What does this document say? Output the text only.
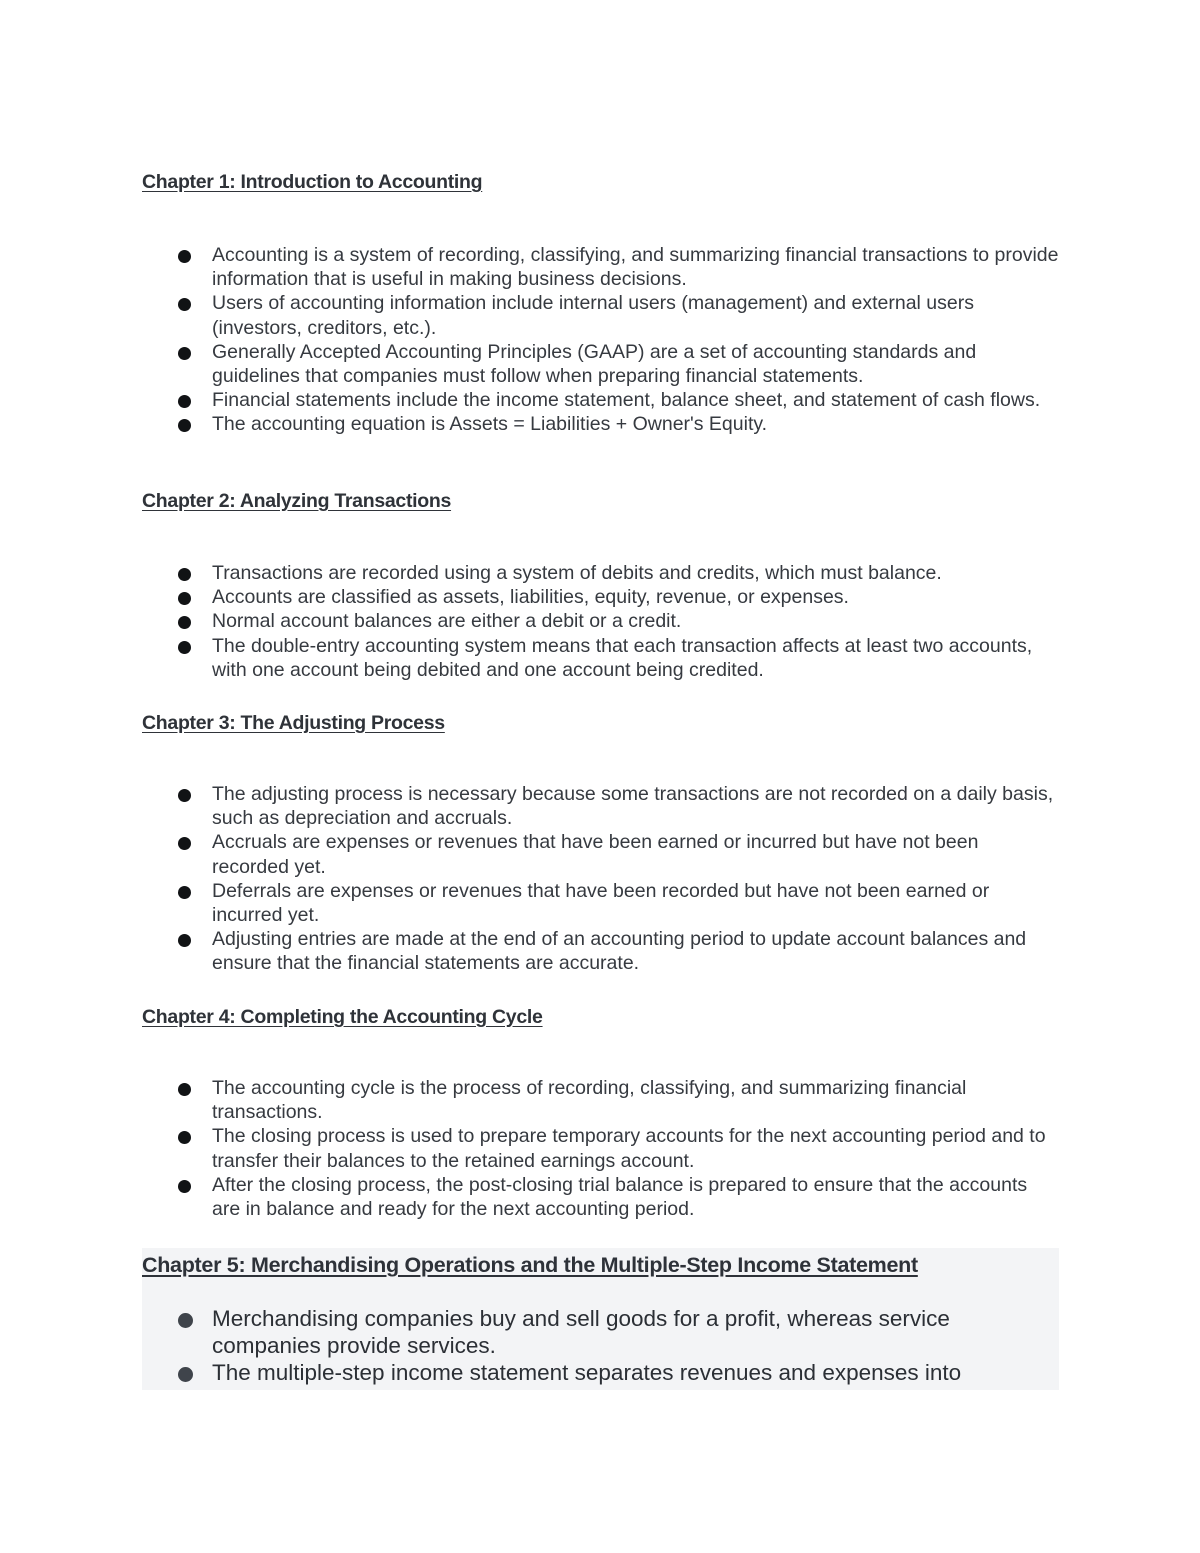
Chapter 1: Introduction to Accounting
Accounting is a system of recording, classifying, and summarizing financial transactions to provide information that is useful in making business decisions.
Users of accounting information include internal users (management) and external users (investors, creditors, etc.).
Generally Accepted Accounting Principles (GAAP) are a set of accounting standards and guidelines that companies must follow when preparing financial statements.
Financial statements include the income statement, balance sheet, and statement of cash flows.
The accounting equation is Assets = Liabilities + Owner's Equity.
Chapter 2: Analyzing Transactions
Transactions are recorded using a system of debits and credits, which must balance.
Accounts are classified as assets, liabilities, equity, revenue, or expenses.
Normal account balances are either a debit or a credit.
The double-entry accounting system means that each transaction affects at least two accounts, with one account being debited and one account being credited.
Chapter 3: The Adjusting Process
The adjusting process is necessary because some transactions are not recorded on a daily basis, such as depreciation and accruals.
Accruals are expenses or revenues that have been earned or incurred but have not been recorded yet.
Deferrals are expenses or revenues that have been recorded but have not been earned or incurred yet.
Adjusting entries are made at the end of an accounting period to update account balances and ensure that the financial statements are accurate.
Chapter 4: Completing the Accounting Cycle
The accounting cycle is the process of recording, classifying, and summarizing financial transactions.
The closing process is used to prepare temporary accounts for the next accounting period and to transfer their balances to the retained earnings account.
After the closing process, the post-closing trial balance is prepared to ensure that the accounts are in balance and ready for the next accounting period.
Chapter 5: Merchandising Operations and the Multiple-Step Income Statement
Merchandising companies buy and sell goods for a profit, whereas service companies provide services.
The multiple-step income statement separates revenues and expenses into
